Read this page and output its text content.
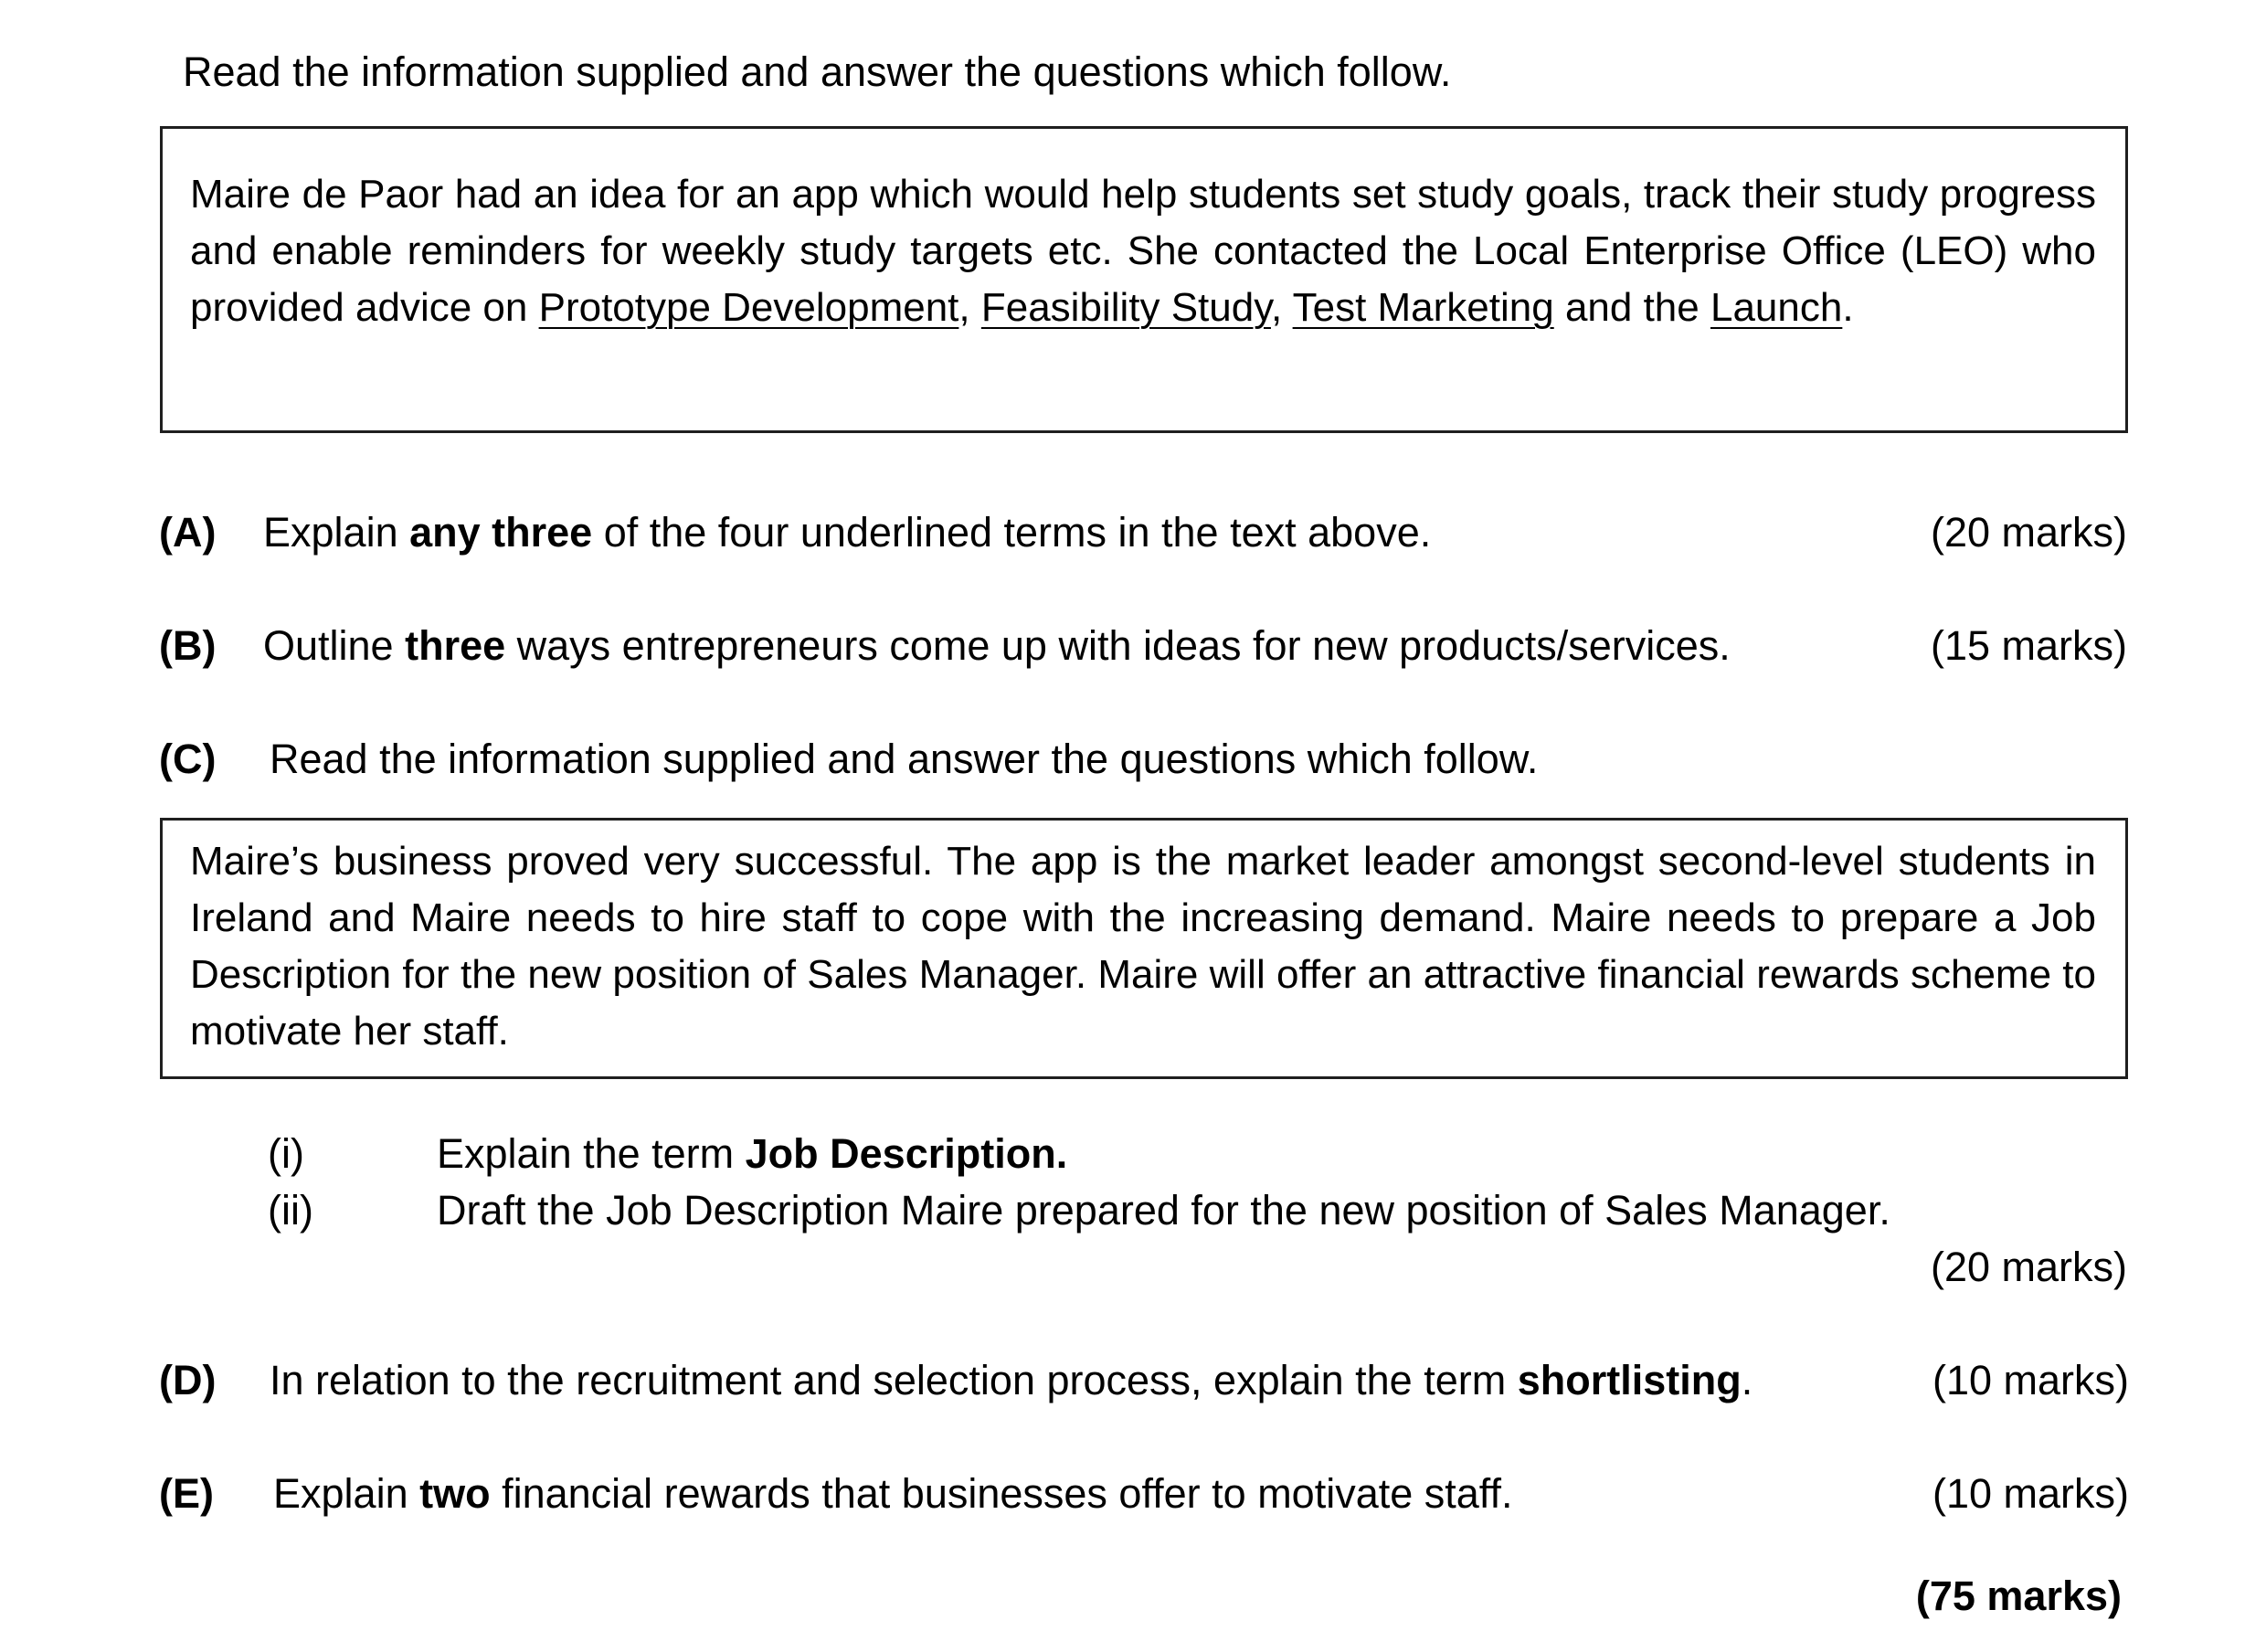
Read the information supplied and answer the questions which follow.
Maire de Paor had an idea for an app which would help students set study goals, track their study progress and enable reminders for weekly study targets etc. She contacted the Local Enterprise Office (LEO) who provided advice on Prototype Development, Feasibility Study, Test Marketing and the Launch.
(A) Explain any three of the four underlined terms in the text above.	(20 marks)
(B) Outline three ways entrepreneurs come up with ideas for new products/services.	(15 marks)
(C) Read the information supplied and answer the questions which follow.
Maire’s business proved very successful. The app is the market leader amongst second-level students in Ireland and Maire needs to hire staff to cope with the increasing demand. Maire needs to prepare a Job Description for the new position of Sales Manager. Maire will offer an attractive financial rewards scheme to motivate her staff.
(i)	Explain the term Job Description.
(ii)	Draft the Job Description Maire prepared for the new position of Sales Manager.
(20 marks)
(D) In relation to the recruitment and selection process, explain the term shortlisting.	(10 marks)
(E) Explain two financial rewards that businesses offer to motivate staff.	(10 marks)
(75 marks)
